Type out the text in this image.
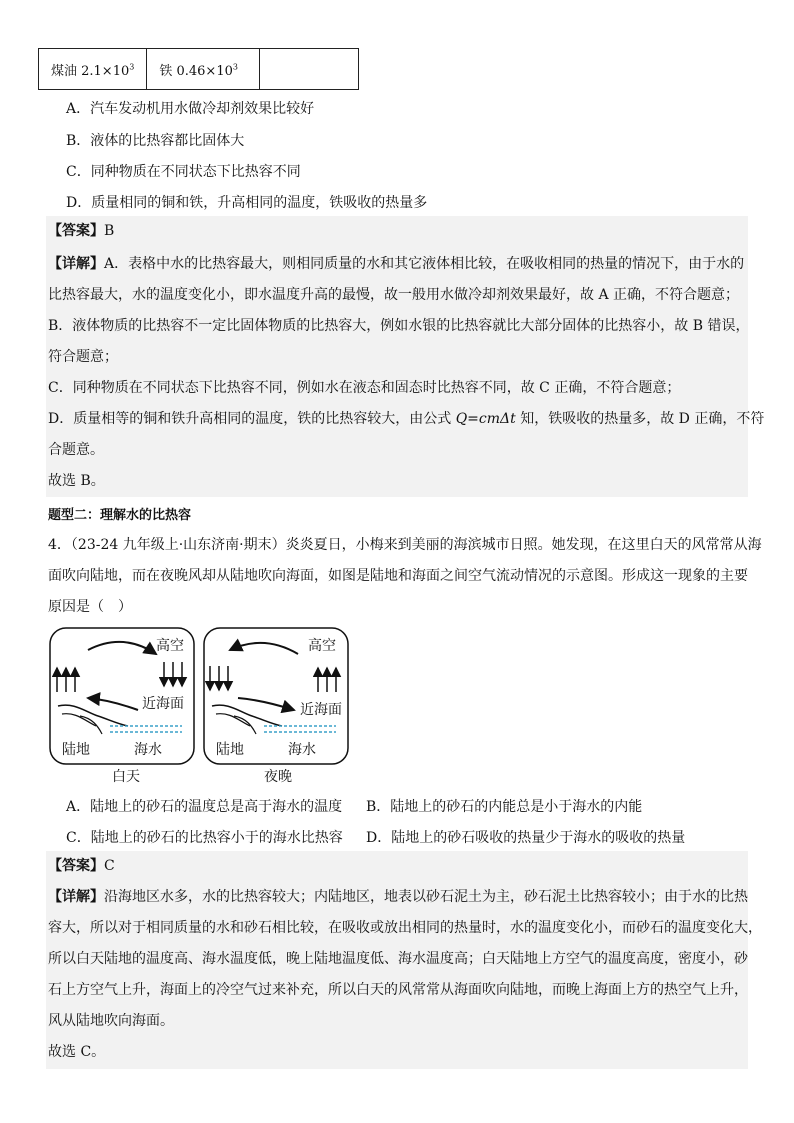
煤油 $2.1\times 10^3$	铁 $0.46\times 10^3$	
A．汽车发动机用水做冷却剂效果比较好
B．液体的比热容都比固体大
C．同种物质在不同状态下比热容不同
D．质量相同的铜和铁，升高相同的温度，铁吸收的热量多
【答案】B
【详解】A．表格中水的比热容最大，则相同质量的水和其它液体相比较，在吸收相同的热量的情况下，由于水的
比热容最大，水的温度变化小，即水温度升高的最慢，故一般用水做冷却剂效果最好，故 A 正确，不符合题意；
B．液体物质的比热容不一定比固体物质的比热容大，例如水银的比热容就比大部分固体的比热容小，故 B 错误，
符合题意；
C．同种物质在不同状态下比热容不同，例如水在液态和固态时比热容不同，故 C 正确，不符合题意；
D．质量相等的铜和铁升高相同的温度，铁的比热容较大，由公式 Q=cmΔt 知，铁吸收的热量多，故 D 正确，不符
合题意。
故选 B。
题型二：理解水的比热容
4．（23-24 九年级上·山东济南·期末）炎炎夏日，小梅来到美丽的海滨城市日照。她发现，在这里白天的风常常从海
面吹向陆地，而在夜晚风却从陆地吹向海面，如图是陆地和海面之间空气流动情况的示意图。形成这一现象的主要
原因是（　）
高空
近海面
陆地	海水
高空
近海面
陆地	海水
白天	夜晚
A．陆地上的砂石的温度总是高于海水的温度 B．陆地上的砂石的内能总是小于海水的内能
C．陆地上的砂石的比热容小于的海水比热容 D．陆地上的砂石吸收的热量少于海水的吸收的热量
【答案】C
【详解】沿海地区水多，水的比热容较大；内陆地区，地表以砂石泥土为主，砂石泥土比热容较小；由于水的比热
容大，所以对于相同质量的水和砂石相比较，在吸收或放出相同的热量时，水的温度变化小，而砂石的温度变化大，
所以白天陆地的温度高、海水温度低，晚上陆地温度低、海水温度高；白天陆地上方空气的温度高度，密度小，砂
石上方空气上升，海面上的冷空气过来补充，所以白天的风常常从海面吹向陆地，而晚上海面上方的热空气上升，
风从陆地吹向海面。
故选 C。
